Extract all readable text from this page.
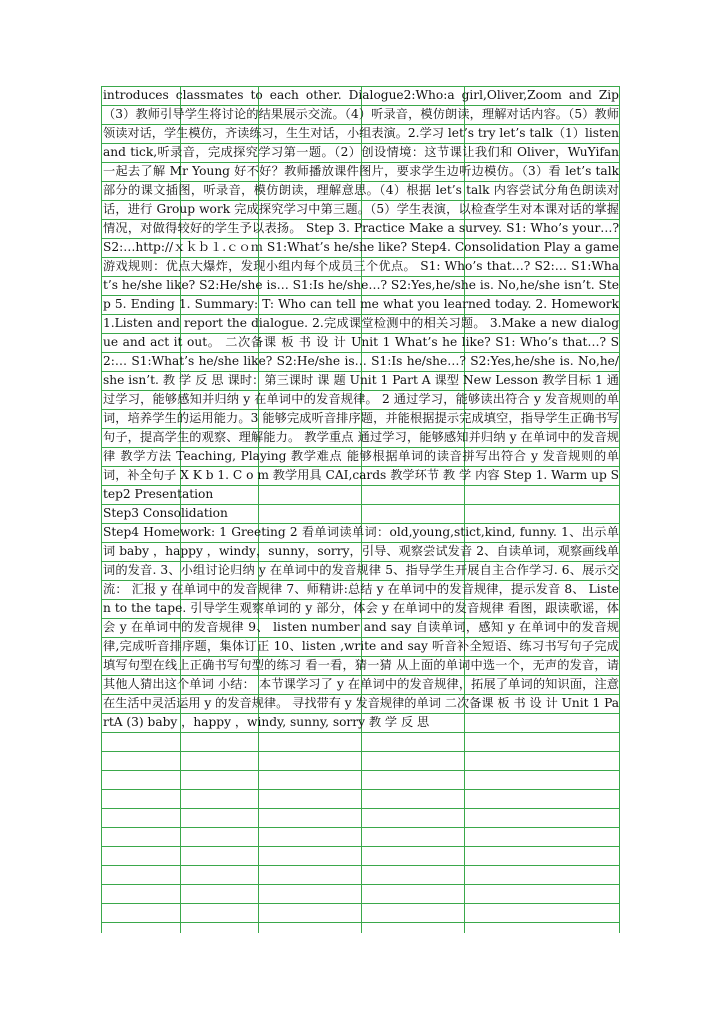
introduces classmates to each other. Dialogue2:Who:a girl,Oliver,Zoom and Zip（3）教师引导学生将讨论的结果展示交流。（4）听录音，模仿朗读，理解对话内容。（5）教师领读对话，学生模仿，齐读练习，生生对话，小组表演。2.学习 let’s try let’s talk（1）listen and tick,听录音，完成探究学习第一题。（2）创设情境：这节课让我们和 Oliver，WuYifan 一起去了解 Mr Young 好不好？教师播放课件图片，要求学生边听边模仿。（3）看 let’s talk 部分的课文插图，听录音，模仿朗读，理解意思。（4）根据 let’s talk 内容尝试分角色朗读对话，进行 Group work 完成探究学习中第三题。（5）学生表演，以检查学生对本课对话的掌握情况，对做得较好的学生予以表扬。 Step 3. Practice Make a survey. S1: Who’s your…? S2:…http://ｘｋｂ１.ｃｏｍ S1:What’s he/she like? Step4. Consolidation Play a game 游戏规则：优点大爆炸，发现小组内每个成员三个优点。 S1: Who’s that…? S2:… S1:What’s he/she like? S2:He/she is… S1:Is he/she…? S2:Yes,he/she is. No,he/she isn’t. Step 5. Ending 1. Summary: T: Who can tell me what you learned today. 2. Homework 1.Listen and report the dialogue. 2.完成课堂检测中的相关习题。 3.Make a new dialogue and act it out。 二次备课 板 书 设 计 Unit 1 What’s he like? S1: Who’s that…? S2:… S1:What’s he/she like? S2:He/she is… S1:Is he/she…? S2:Yes,he/she is. No,he/she isn’t. 教 学 反 思 课时：第三课时 课 题 Unit 1 Part A 课型 New Lesson 教学目标 1 通过学习，能够感知并归纳 y 在单词中的发音规律。 2 通过学习，能够读出符合 y 发音规则的单词，培养学生的运用能力。3 能够完成听音排序题，并能根据提示完成填空，指导学生正确书写句子，提高学生的观察、理解能力。 教学重点 通过学习，能够感知并归纳 y 在单词中的发音规律 教学方法 Teaching, Playing 教学难点 能够根据单词的读音拼写出符合 y 发音规则的单词，补全句子 X K b 1. C o m 教学用具 CAI,cards 教学环节 教 学 内容 Step 1. Warm up Step2 Presentation

Step3 Consolidation

Step4 Homework: 1 Greeting 2 看单词读单词：old,young,stict,kind, funny. 1、出示单词 baby ，happy ，windy，sunny，sorry，引导、观察尝试发音 2、自读单词，观察画线单词的发音. 3、小组讨论归纳 y 在单词中的发音规律 5、指导学生开展自主合作学习. 6、展示交流： 汇报 y 在单词中的发音规律 7、师精讲:总结 y 在单词中的发音规律，提示发音 8、 Listen to the tape. 引导学生观察单词的 y 部分，体会 y 在单词中的发音规律 看图，跟读歌谣，体会 y 在单词中的发音规律 9、 listen number and say 自读单词，感知 y 在单词中的发音规律,完成听音排序题，集体订正 10、listen ,write and say 听音补全短语、练习书写句子完成填写句型在线上正确书写句型的练习 看一看，猜一猜 从上面的单词中选一个，无声的发音，请其他人猜出这个单词 小结： 本节课学习了 y 在单词中的发音规律，拓展了单词的知识面，注意在生活中灵活运用 y 的发音规律。 寻找带有 y 发音规律的单词 二次备课 板 书 设 计 Unit 1 PartA (3) baby ，happy ，windy, sunny, sorry 教 学 反 思
